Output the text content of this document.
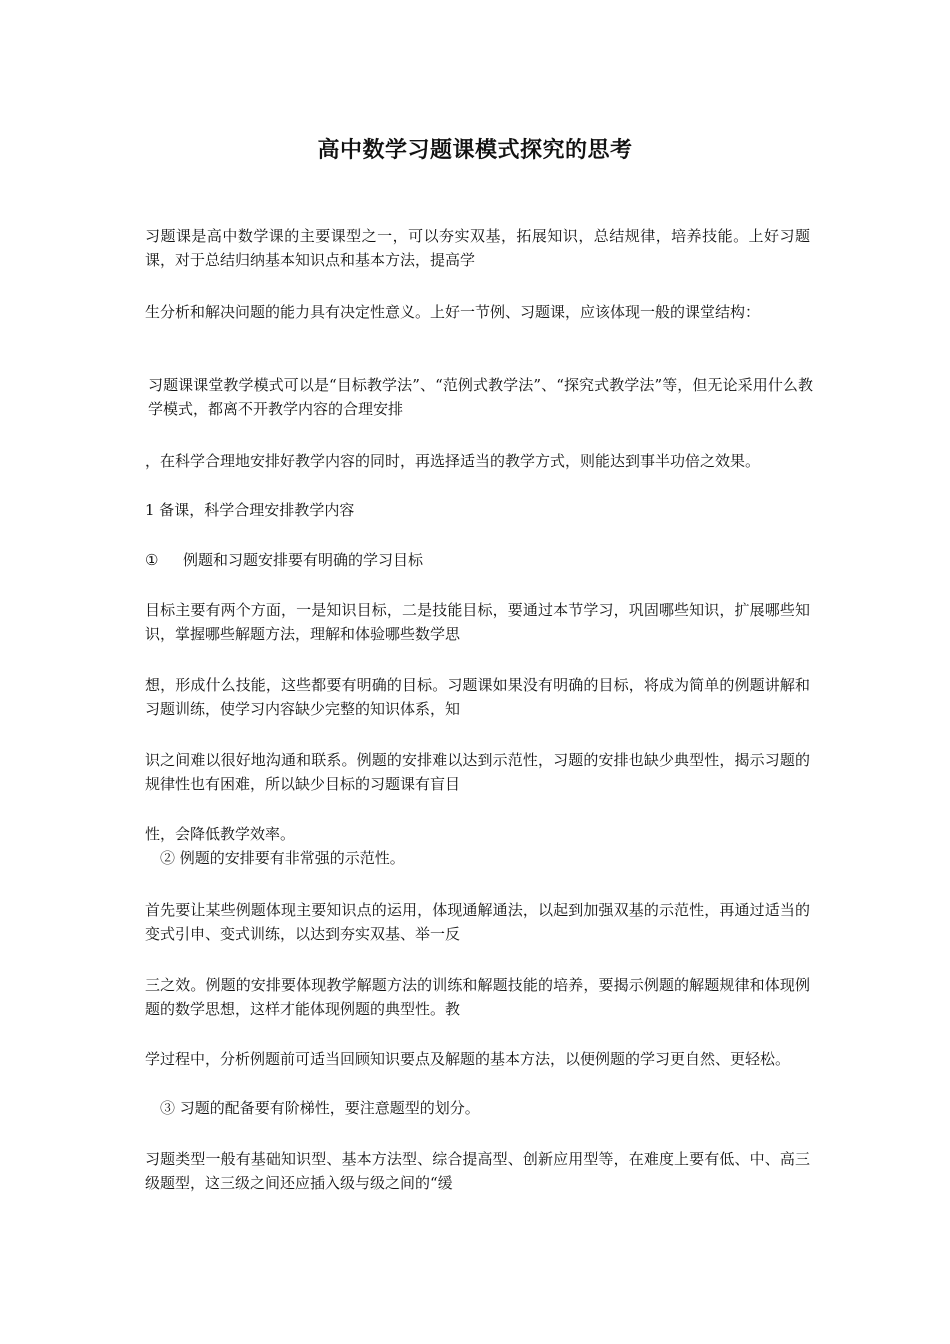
高中数学习题课模式探究的思考

习题课是高中数学课的主要课型之一，可以夯实双基，拓展知识，总结规律，培养技能。上好习题课，对于总结归纳基本知识点和基本方法，提高学

生分析和解决问题的能力具有决定性意义。上好一节例、习题课，应该体现一般的课堂结构：

习题课课堂教学模式可以是“目标教学法”、“范例式教学法”、“探究式教学法”等，但无论采用什么教学模式，都离不开教学内容的合理安排

，在科学合理地安排好教学内容的同时，再选择适当的教学方式，则能达到事半功倍之效果。

1 备课，科学合理安排教学内容

① 例题和习题安排要有明确的学习目标

目标主要有两个方面，一是知识目标，二是技能目标，要通过本节学习，巩固哪些知识，扩展哪些知识，掌握哪些解题方法，理解和体验哪些数学思

想，形成什么技能，这些都要有明确的目标。习题课如果没有明确的目标，将成为简单的例题讲解和习题训练，使学习内容缺少完整的知识体系，知

识之间难以很好地沟通和联系。例题的安排难以达到示范性，习题的安排也缺少典型性，揭示习题的规律性也有困难，所以缺少目标的习题课有盲目

性，会降低教学效率。

② 例题的安排要有非常强的示范性。

首先要让某些例题体现主要知识点的运用，体现通解通法，以起到加强双基的示范性，再通过适当的变式引申、变式训练，以达到夯实双基、举一反

三之效。例题的安排要体现教学解题方法的训练和解题技能的培养，要揭示例题的解题规律和体现例题的数学思想，这样才能体现例题的典型性。教

学过程中，分析例题前可适当回顾知识要点及解题的基本方法，以便例题的学习更自然、更轻松。

③ 习题的配备要有阶梯性，要注意题型的划分。

习题类型一般有基础知识型、基本方法型、综合提高型、创新应用型等，在难度上要有低、中、高三级题型，这三级之间还应插入级与级之间的“缓
